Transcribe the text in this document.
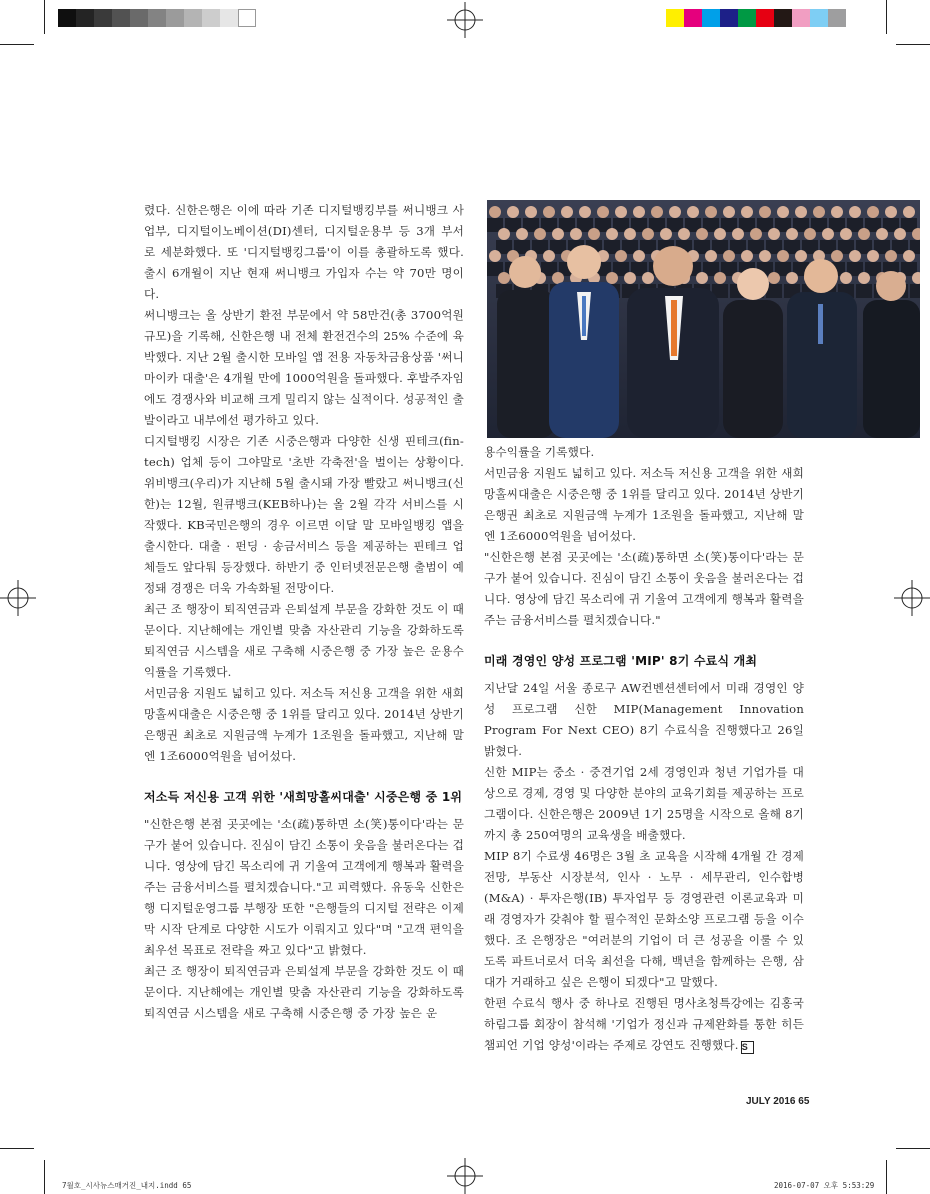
렸다. 신한은행은 이에 따라 기존 디지털뱅킹부를 써니뱅크 사업부, 디지털이노베이션(DI)센터, 디지털운용부 등 3개 부서로 세분화했다. 또 '디지털뱅킹그룹'이 이를 총괄하도록 했다. 출시 6개월이 지난 현재 써니뱅크 가입자 수는 약 70만 명이다.

써니뱅크는 올 상반기 환전 부문에서 약 58만건(총 3700억원 규모)을 기록해, 신한은행 내 전체 환전건수의 25% 수준에 육박했다. 지난 2월 출시한 모바일 앱 전용 자동차금융상품 '써니 마이카 대출'은 4개월 만에 1000억원을 돌파했다. 후발주자임에도 경쟁사와 비교해 크게 밀리지 않는 실적이다. 성공적인 출발이라고 내부에선 평가하고 있다.

디지털뱅킹 시장은 기존 시중은행과 다양한 신생 핀테크(fin-tech) 업체 등이 그야말로 '초반 각축전'을 벌이는 상황이다. 위비뱅크(우리)가 지난해 5월 출시돼 가장 빨랐고 써니뱅크(신한)는 12월, 원큐뱅크(KEB하나)는 올 2월 각각 서비스를 시작했다. KB국민은행의 경우 이르면 이달 말 모바일뱅킹 앱을 출시한다. 대출 · 펀딩 · 송금서비스 등을 제공하는 핀테크 업체들도 앞다퉈 등장했다. 하반기 중 인터넷전문은행 출범이 예정돼 경쟁은 더욱 가속화될 전망이다.

최근 조 행장이 퇴직연금과 은퇴설계 부문을 강화한 것도 이 때문이다. 지난해에는 개인별 맞춤 자산관리 기능을 강화하도록 퇴직연금 시스템을 새로 구축해 시중은행 중 가장 높은 운용수익률을 기록했다.

서민금융 지원도 넓히고 있다. 저소득 저신용 고객을 위한 새희망홀씨대출은 시중은행 중 1위를 달리고 있다. 2014년 상반기 은행권 최초로 지원금액 누계가 1조원을 돌파했고, 지난해 말엔 1조6000억원을 넘어섰다.

저소득 저신용 고객 위한 '새희망홀씨대출' 시중은행 중 1위

"신한은행 본점 곳곳에는 '소(疏)통하면 소(笑)통이다'라는 문구가 붙어 있습니다. 진심이 담긴 소통이 웃음을 불러온다는 겁니다. 영상에 담긴 목소리에 귀 기울여 고객에게 행복과 활력을 주는 금융서비스를 펼치겠습니다."고 피력했다. 유동욱 신한은행 디지털운영그룹 부행장 또한 "은행들의 디지털 전략은 이제 막 시작 단계로 다양한 시도가 이뤄지고 있다"며 "고객 편익을 최우선 목표로 전략을 짜고 있다"고 밝혔다.

최근 조 행장이 퇴직연금과 은퇴설계 부문을 강화한 것도 이 때문이다. 지난해에는 개인별 맞춤 자산관리 기능을 강화하도록 퇴직연금 시스템을 새로 구축해 시중은행 중 가장 높은 운

용수익률을 기록했다.

서민금융 지원도 넓히고 있다. 저소득 저신용 고객을 위한 새희망홀씨대출은 시중은행 중 1위를 달리고 있다. 2014년 상반기 은행권 최초로 지원금액 누계가 1조원을 돌파했고, 지난해 말엔 1조6000억원을 넘어섰다.

"신한은행 본점 곳곳에는 '소(疏)통하면 소(笑)통이다'라는 문구가 붙어 있습니다. 진심이 담긴 소통이 웃음을 불러온다는 겁니다. 영상에 담긴 목소리에 귀 기울여 고객에게 행복과 활력을 주는 금융서비스를 펼치겠습니다."

미래 경영인 양성 프로그램 'MIP' 8기 수료식 개최

지난달 24일 서울 종로구 AW컨벤션센터에서 미래 경영인 양성 프로그램 신한 MIP(Management Innovation Program For Next CEO) 8기 수료식을 진행했다고 26일 밝혔다.

신한 MIP는 중소 · 중견기업 2세 경영인과 청년 기업가를 대상으로 경제, 경영 및 다양한 분야의 교육기회를 제공하는 프로그램이다. 신한은행은 2009년 1기 25명을 시작으로 올해 8기까지 총 250여명의 교육생을 배출했다.

MIP 8기 수료생 46명은 3월 초 교육을 시작해 4개월 간 경제전망, 부동산 시장분석, 인사 · 노무 · 세무관리, 인수합병(M&A) · 투자은행(IB) 투자업무 등 경영관련 이론교육과 미래 경영자가 갖춰야 할 필수적인 문화소양 프로그램 등을 이수했다. 조 은행장은 "여러분의 기업이 더 큰 성공을 이룰 수 있도록 파트너로서 더욱 최선을 다해, 백년을 함께하는 은행, 삼대가 거래하고 싶은 은행이 되겠다"고 말했다.

한편 수료식 행사 중 하나로 진행된 명사초청특강에는 김홍국 하림그룹 회장이 참석해 '기업가 정신과 규제완화를 통한 히든챔피언 기업 양성'이라는 주제로 강연도 진행했다. S

JULY 2016 65
7월호_시사뉴스매거진_내지.indd 65	2016-07-07 오후 5:53:29
